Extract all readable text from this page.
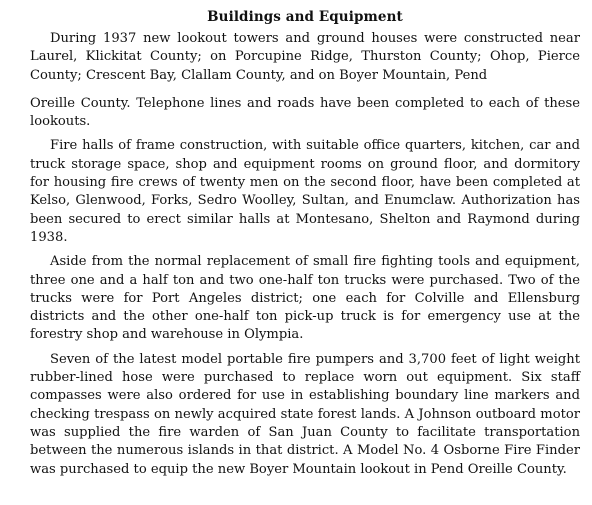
Buildings and Equipment

During 1937 new lookout towers and ground houses were constructed near Laurel, Klickitat County; on Porcupine Ridge, Thurston County; Ohop, Pierce County; Crescent Bay, Clallam County, and on Boyer Mountain, Pend

Oreille County. Telephone lines and roads have been completed to each of these lookouts.

Fire halls of frame construction, with suitable office quarters, kitchen, car and truck storage space, shop and equipment rooms on ground floor, and dormitory for housing fire crews of twenty men on the second floor, have been completed at Kelso, Glenwood, Forks, Sedro Woolley, Sultan, and Enumclaw. Authorization has been secured to erect similar halls at Montesano, Shelton and Raymond during 1938.

Aside from the normal replacement of small fire fighting tools and equipment, three one and a half ton and two one-half ton trucks were purchased. Two of the trucks were for Port Angeles district; one each for Colville and Ellensburg districts and the other one-half ton pick-up truck is for emergency use at the forestry shop and warehouse in Olympia.

Seven of the latest model portable fire pumpers and 3,700 feet of light weight rubber-lined hose were purchased to replace worn out equipment. Six staff compasses were also ordered for use in establishing boundary line markers and checking trespass on newly acquired state forest lands. A Johnson outboard motor was supplied the fire warden of San Juan County to facilitate transportation between the numerous islands in that district. A Model No. 4 Osborne Fire Finder was purchased to equip the new Boyer Mountain lookout in Pend Oreille County.
